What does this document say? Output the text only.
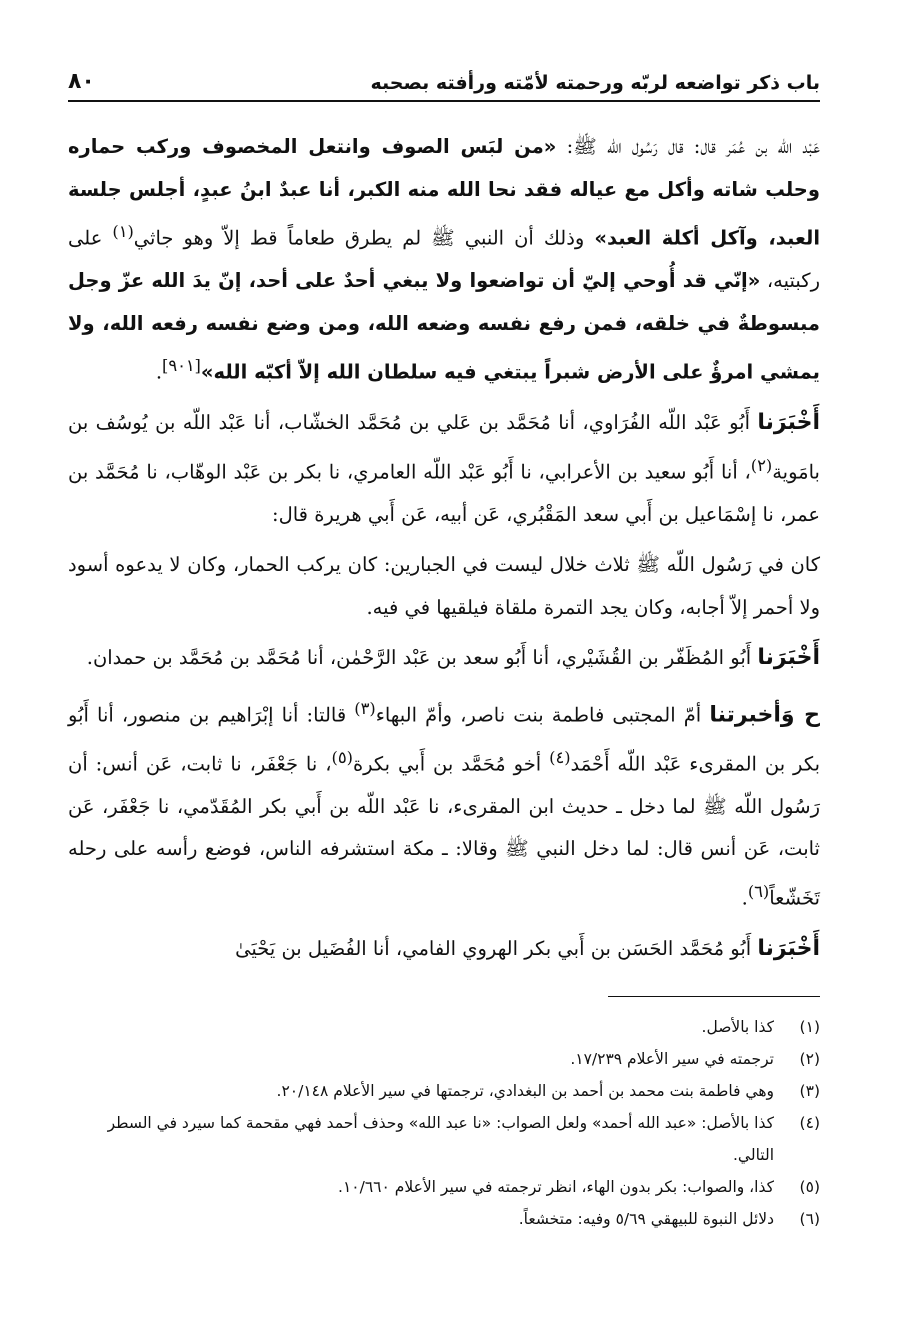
باب ذكر تواضعه لربّه ورحمته لأمّته ورأفته بصحبه
٨٠

عَبْد اللّه بن عُمَر قال: قال رَسُول اللّه ﷺ: «من لبَس الصوف وانتعل المخصوف وركب حماره وحلب شاته وأكل مع عياله فقد نحا الله منه الكبر، أنا عبدٌ ابنُ عبدٍ، أجلس جلسة العبد، وآكل أكلة العبد» وذلك أن النبي ﷺ لم يطرق طعاماً قط إلاّ وهو جاثي$^{(١)}$ على ركبتيه، «إنّي قد أُوحي إليّ أن تواضعوا ولا يبغي أحدٌ على أحد، إنّ يدَ الله عزّ وجل مبسوطةٌ في خلقه، فمن رفع نفسه وضعه الله، ومن وضع نفسه رفعه الله، ولا يمشي امرؤٌ على الأرض شبراً يبتغي فيه سلطان الله إلاّ أكبّه الله»[٩٠١].

أَخْبَرَنا أَبُو عَبْد اللّه الفُرَاوي، أنا مُحَمَّد بن عَلي بن مُحَمَّد الخشّاب، أنا عَبْد اللّه بن يُوسُف بن بامَوية$^{(٢)}$، أنا أَبُو سعيد بن الأعرابي، نا أَبُو عَبْد اللّه العامري، نا بكر بن عَبْد الوهّاب، نا مُحَمَّد بن عمر، نا إسْمَاعيل بن أَبي سعد المَقْبُري، عَن أبيه، عَن أَبي هريرة قال:

كان في رَسُول اللّه ﷺ ثلاث خلال ليست في الجبارين: كان يركب الحمار، وكان لا يدعوه أسود ولا أحمر إلاّ أجابه، وكان يجد التمرة ملقاة فيلقيها في فيه.

أَخْبَرَنا أَبُو المُظَفّر بن القُشَيْري، أنا أَبُو سعد بن عَبْد الرَّحْمٰن، أنا مُحَمَّد بن مُحَمَّد بن حمدان.

ح وَأخبرتنا أمّ المجتبى فاطمة بنت ناصر، وأمّ البهاء$^{(٣)}$ قالتا: أنا إبْرَاهيم بن منصور، أنا أَبُو بكر بن المقرىء عَبْد اللّه أَحْمَد$^{(٤)}$ أخو مُحَمَّد بن أَبي بكرة$^{(٥)}$، نا جَعْفَر، نا ثابت، عَن أنس: أن رَسُول اللّه ﷺ لما دخل ـ حديث ابن المقرىء، نا عَبْد اللّه بن أَبي بكر المُقَدّمي، نا جَعْفَر، عَن ثابت، عَن أنس قال: لما دخل النبي ﷺ وقالا: ـ مكة استشرفه الناس، فوضع رأسه على رحله تَخَشّعاً$^{(٦)}$.

أَخْبَرَنا أَبُو مُحَمَّد الحَسَن بن أَبي بكر الهروي الفامي، أنا الفُضَيل بن يَحْيَىٰ

(١)
كذا بالأصل.
(٢)
ترجمته في سير الأعلام ١٧/٢٣٩.
(٣)
وهي فاطمة بنت محمد بن أحمد بن البغدادي، ترجمتها في سير الأعلام ٢٠/١٤٨.
(٤)
كذا بالأصل: «عبد الله أحمد» ولعل الصواب: «نا عبد الله» وحذف أحمد فهي مقحمة كما سيرد في السطر التالي.
(٥)
كذا، والصواب: بكر بدون الهاء، انظر ترجمته في سير الأعلام ١٠/٦٦٠.
(٦)
دلائل النبوة للبيهقي ٥/٦٩ وفيه: متخشعاً.
